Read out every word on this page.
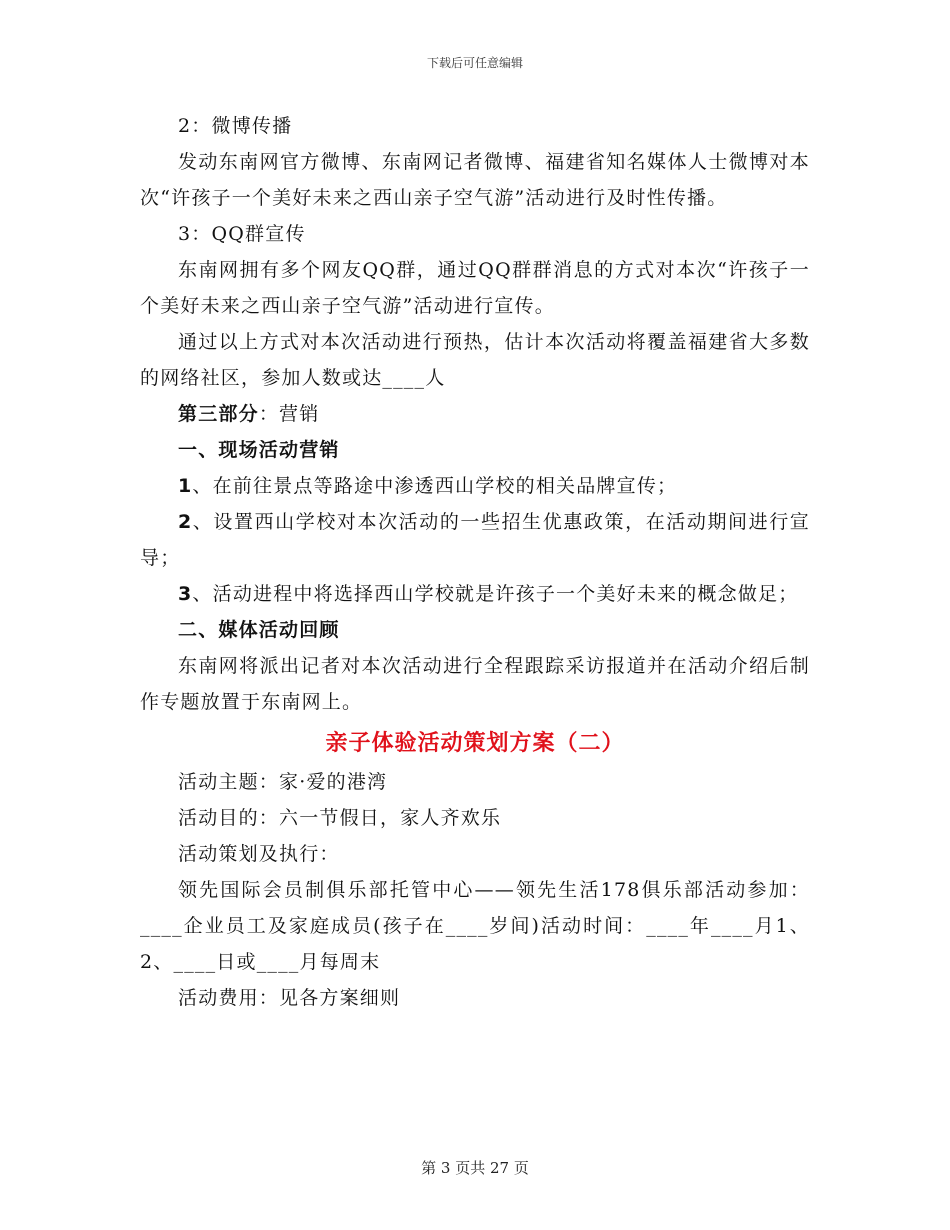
下载后可任意编辑

2：微博传播

发动东南网官方微博、东南网记者微博、福建省知名媒体人士微博对本次“许孩子一个美好未来之西山亲子空气游”活动进行及时性传播。

3：QQ群宣传

东南网拥有多个网友QQ群，通过QQ群群消息的方式对本次“许孩子一个美好未来之西山亲子空气游”活动进行宣传。

通过以上方式对本次活动进行预热，估计本次活动将覆盖福建省大多数的网络社区，参加人数或达____人

第三部分：营销

一、现场活动营销

1、在前往景点等路途中渗透西山学校的相关品牌宣传；

2、设置西山学校对本次活动的一些招生优惠政策，在活动期间进行宣导；

3、活动进程中将选择西山学校就是许孩子一个美好未来的概念做足；

二、媒体活动回顾

东南网将派出记者对本次活动进行全程跟踪采访报道并在活动介绍后制作专题放置于东南网上。

亲子体验活动策划方案（二）

活动主题：家·爱的港湾

活动目的：六一节假日，家人齐欢乐

活动策划及执行：

领先国际会员制俱乐部托管中心——领先生活178俱乐部活动参加：____企业员工及家庭成员(孩子在____岁间)活动时间：____年____月1、2、____日或____月每周末

活动费用：见各方案细则

第 3 页共 27 页
